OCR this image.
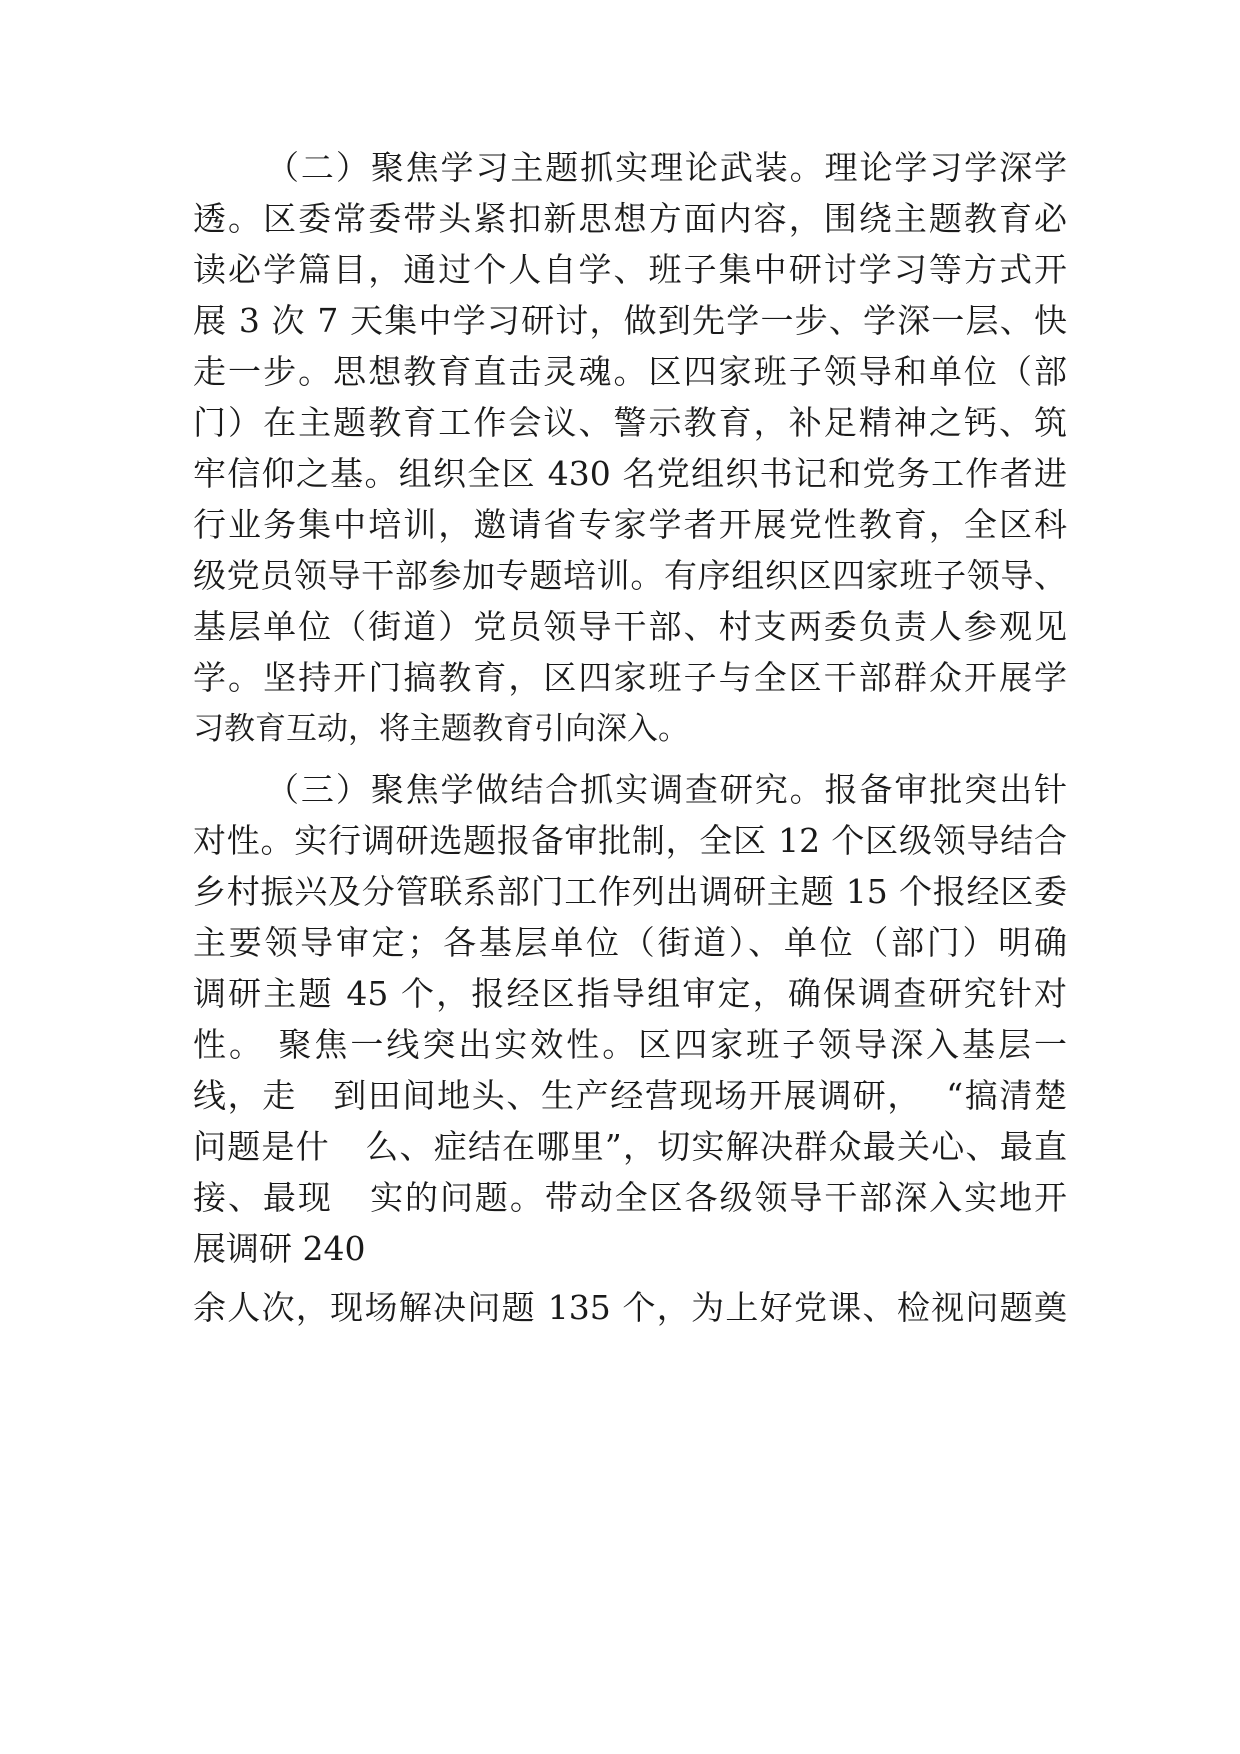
（二）聚焦学习主题抓实理论武装。理论学习学深学
透。区委常委带头紧扣新思想方面内容，围绕主题教育必
读必学篇目，通过个人自学、班子集中研讨学习等方式开
展 3 次 7 天集中学习研讨，做到先学一步、学深一层、快
走一步。思想教育直击灵魂。区四家班子领导和单位（部
门）在主题教育工作会议、警示教育，补足精神之钙、筑
牢信仰之基。组织全区 430 名党组织书记和党务工作者进
行业务集中培训，邀请省专家学者开展党性教育，全区科
级党员领导干部参加专题培训。有序组织区四家班子领导、
基层单位（街道）党员领导干部、村支两委负责人参观见
学。坚持开门搞教育，区四家班子与全区干部群众开展学
习教育互动，将主题教育引向深入。
（三）聚焦学做结合抓实调查研究。报备审批突出针
对性。实行调研选题报备审批制，全区 12 个区级领导结合
乡村振兴及分管联系部门工作列出调研主题 15 个报经区委
主要领导审定；各基层单位（街道）、单位（部门）明确
调研主题 45 个，报经区指导组审定，确保调查研究针对
性。 聚焦一线突出实效性。区四家班子领导深入基层一
线，走   到田间地头、生产经营现场开展调研，  “搞清楚
问题是什   么、症结在哪里”，切实解决群众最关心、最直
接、最现   实的问题。带动全区各级领导干部深入实地开
展调研 240
余人次，现场解决问题 135 个，为上好党课、检视问题奠
